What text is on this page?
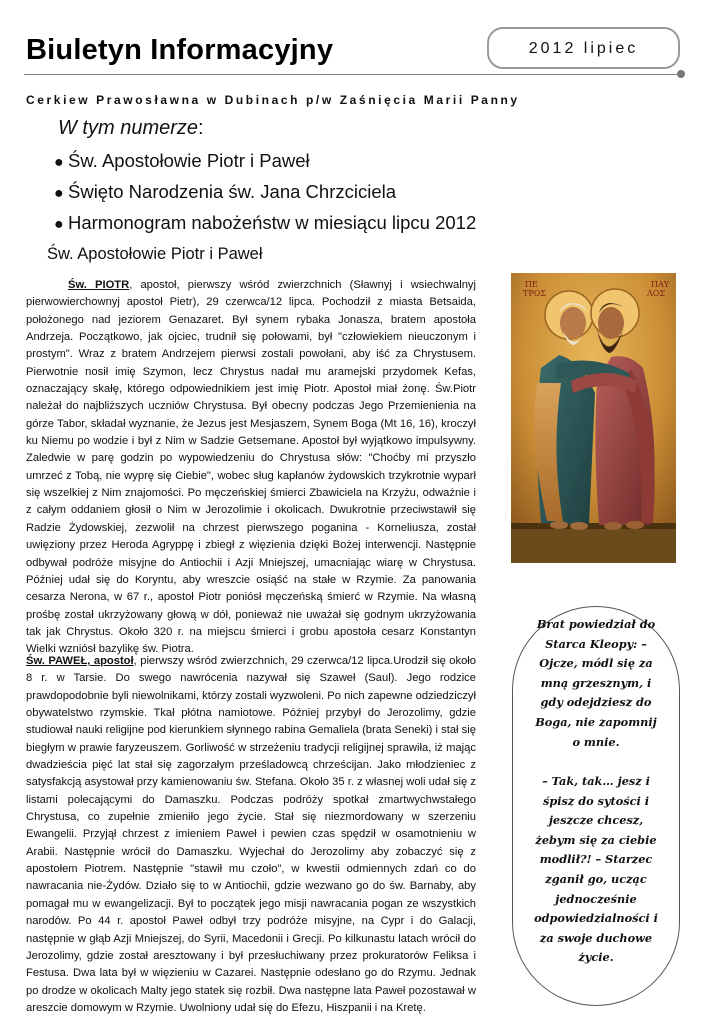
Biuletyn Informacyjny	2012 lipiec
Cerkiew Prawosławna w Dubinach p/w Zaśnięcia Marii Panny
W tym numerze:
● Św. Apostołowie Piotr i Paweł
● Święto Narodzenia św. Jana Chrzciciela
● Harmonogram nabożeństw w miesiącu lipcu 2012
Św. Apostołowie Piotr i Paweł

Św. PIOTR, apostoł, pierwszy wśród zwierzchnich (Sławnyj i wsiechwalnyj pierwowierchownyj apostoł Pietr), 29 czerwca/12 lipca. Pochodził z miasta Betsaida, położonego nad jeziorem Genazaret. Był synem rybaka Jonasza, bratem apostoła Andrzeja. Początkowo, jak ojciec, trudnił się połowami, był "człowiekiem nieuczonym i prostym". Wraz z bratem Andrzejem pierwsi zostali powołani, aby iść za Chrystusem. Pierwotnie nosił imię Szymon, lecz Chrystus nadał mu aramejski przydomek Kefas, oznaczający skałę, którego odpowiednikiem jest imię Piotr. Apostoł miał żonę. Św.Piotr należał do najbliższych uczniów Chrystusa. Był obecny podczas Jego Przemienienia na górze Tabor, składał wyznanie, że Jezus jest Mesjaszem, Synem Boga (Mt 16, 16), kroczył ku Niemu po wodzie i był z Nim w Sadzie Getsemane. Apostoł był wyjątkowo impulsywny. Zaledwie w parę godzin po wypowiedzeniu do Chrystusa słów: "Choćby mi przyszło umrzeć z Tobą, nie wyprę się Ciebie", wobec sług kapłanów żydowskich trzykrotnie wyparł się wszelkiej z Nim znajomości. Po męczeńskiej śmierci Zbawiciela na Krzyżu, odważnie i z całym oddaniem głosił o Nim w Jerozolimie i okolicach. Dwukrotnie przeciwstawił się Radzie Żydowskiej, zezwolił na chrzest pierwszego poganina - Korneliusza, został uwięziony przez Heroda Agryppę i zbiegł z więzienia dzięki Bożej interwencji. Następnie odbywał podróże misyjne do Antiochii i Azji Mniejszej, umacniając wiarę w Chrystusa. Później udał się do Koryntu, aby wreszcie osiąść na stałe w Rzymie. Za panowania cesarza Nerona, w 67 r., apostoł Piotr poniósł męczeńską śmierć w Rzymie. Na własną prośbę został ukrzyżowany głową w dół, ponieważ nie uważał się godnym ukrzyżowania tak jak Chrystus. Około 320 r. na miejscu śmierci i grobu apostoła cesarz Konstantyn Wielki wzniósł bazylikę św. Piotra.

Św. PAWEŁ, apostoł, pierwszy wśród zwierzchnich, 29 czerwca/12 lipca.Urodził się około 8 r. w Tarsie. Do swego nawrócenia nazywał się Szaweł (Saul). Jego rodzice prawdopodobnie byli niewolnikami, którzy zostali wyzwoleni. Po nich zapewne odziedziczył obywatelstwo rzymskie. Tkał płótna namiotowe. Później przybył do Jerozolimy, gdzie studiował nauki religijne pod kierunkiem słynnego rabina Gemaliela (brata Seneki) i stał się biegłym w prawie faryzeuszem. Gorliwość w strzeżeniu tradycji religijnej sprawiła, iż mając dwadzieścia pięć lat stał się zagorzałym prześladowcą chrześcijan. Jako młodzieniec z satysfakcją asystował przy kamienowaniu św. Stefana. Około 35 r. z własnej woli udał się z listami polecającymi do Damaszku. Podczas podróży spotkał zmartwychwstałego Chrystusa, co zupełnie zmieniło jego życie. Stał się niezmordowany w szerzeniu Ewangelii. Przyjął chrzest z imieniem Paweł i pewien czas spędził w osamotnieniu w Arabii. Następnie wrócił do Damaszku. Wyjechał do Jerozolimy aby zobaczyć się z apostołem Piotrem. Następnie "stawił mu czoło", w kwestii odmiennych zdań co do nawracania nie-Żydów. Działo się to w Antiochii, gdzie wezwano go do św. Barnaby, aby pomagał mu w ewangelizacji. Był to początek jego misji nawracania pogan ze wszystkich narodów. Po 44 r. apostoł Paweł odbył trzy podróże misyjne, na Cypr i do Galacji, następnie w głąb Azji Mniejszej, do Syrii, Macedonii i Grecji. Po kilkunastu latach wrócił do Jerozolimy, gdzie został aresztowany i był przesłuchiwany przez prokuratorów Feliksa i Festusa. Dwa lata był w więzieniu w Cazarei. Następnie odesłano go do Rzymu. Jednak po drodze w okolicach Malty jego statek się rozbił. Dwa następne lata Paweł pozostawał w areszcie domowym w Rzymie. Uwolniony udał się do Efezu, Hiszpanii i na Kretę.

ΠΕ ΤΡΟΣ
ΠΑΥ ΛΟΣ
Brat powiedział do Starca Kleopy: – Ojcze, módl się za mną grzesznym, i gdy odejdziesz do Boga, nie zapomnij o mnie.
– Tak, tak… jesz i śpisz do sytości i jeszcze chcesz, żebym się za ciebie modlił?! – Starzec zganił go, ucząc jednocześnie odpowiedzialności i za swoje duchowe życie.
